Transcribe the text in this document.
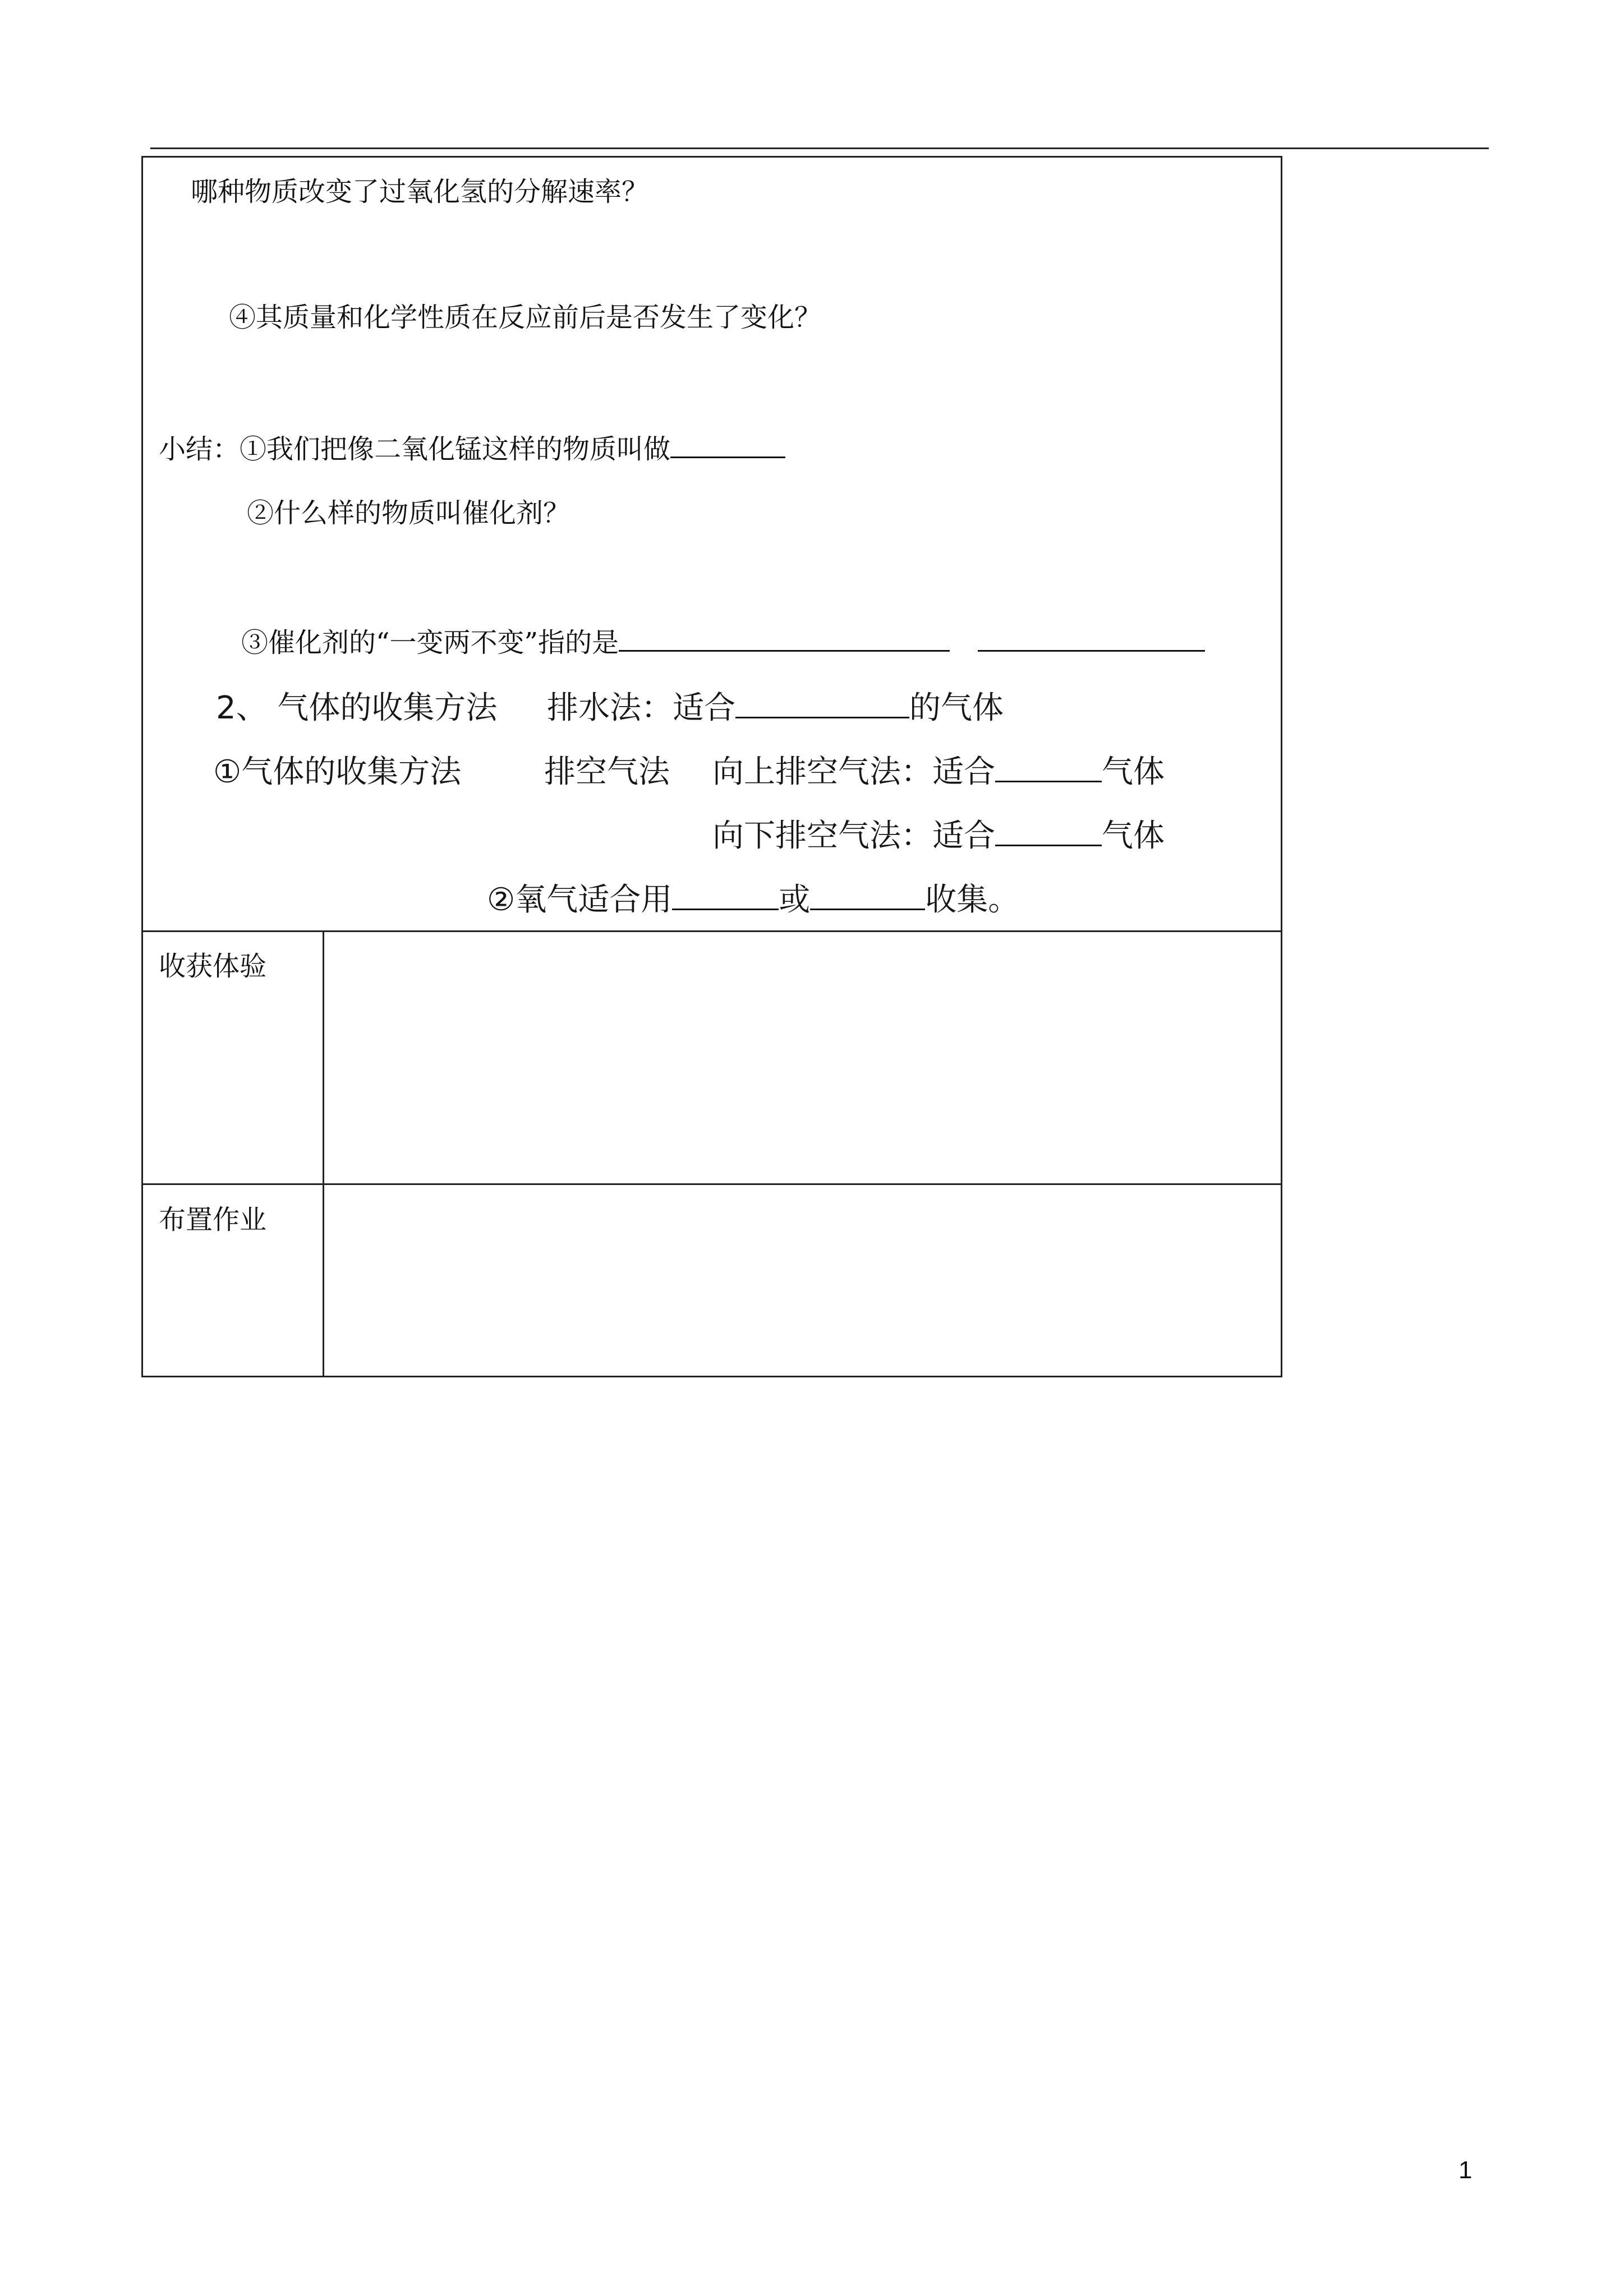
哪种物质改变了过氧化氢的分解速率？
④其质量和化学性质在反应前后是否发生了变化？
小结：①我们把像二氧化锰这样的物质叫做
②什么样的物质叫催化剂？
③催化剂的“一变两不变”指的是
2、 气体的收集方法 排水法：适合	的气体
①气体的收集方法	排空气法 向上排空气法：适合	气体
向下排空气法：适合	气体
②氧气适合用	或	收集。
收获体验
布置作业
1
